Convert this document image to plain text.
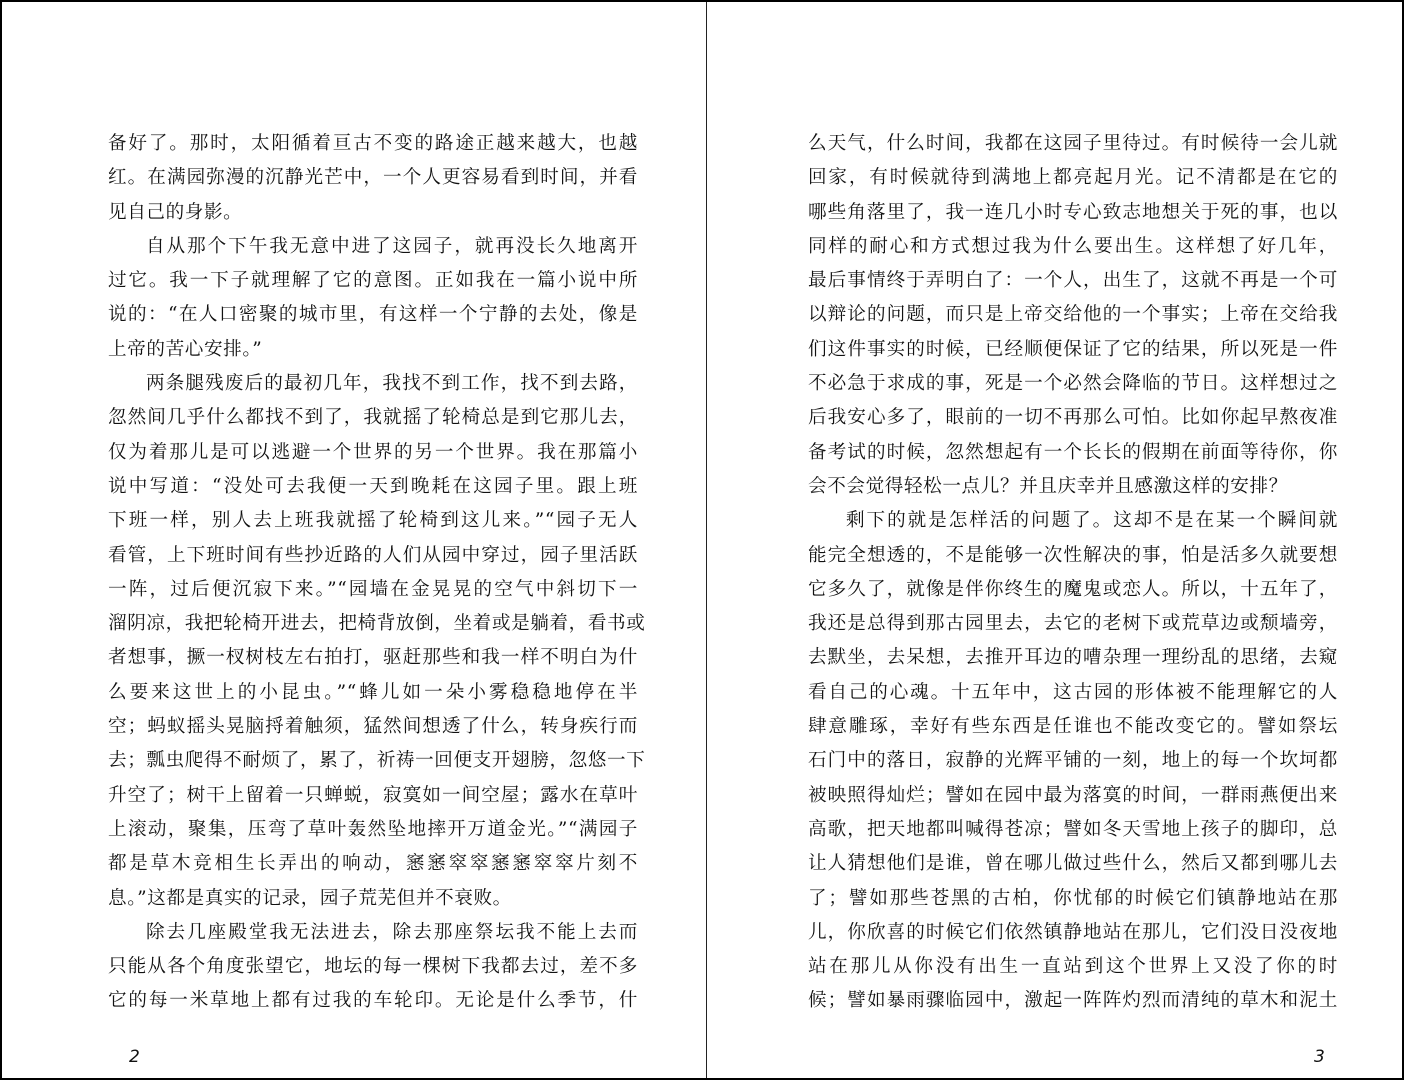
备好了。那时，太阳循着亘古不变的路途正越来越大，也越
红。在满园弥漫的沉静光芒中，一个人更容易看到时间，并看
见自己的身影。
自从那个下午我无意中进了这园子，就再没长久地离开
过它。我一下子就理解了它的意图。正如我在一篇小说中所
说的：“在人口密聚的城市里，有这样一个宁静的去处，像是
上帝的苦心安排。”
两条腿残废后的最初几年，我找不到工作，找不到去路，
忽然间几乎什么都找不到了，我就摇了轮椅总是到它那儿去，
仅为着那儿是可以逃避一个世界的另一个世界。我在那篇小
说中写道：“没处可去我便一天到晚耗在这园子里。跟上班
下班一样，别人去上班我就摇了轮椅到这儿来。”“园子无人
看管，上下班时间有些抄近路的人们从园中穿过，园子里活跃
一阵，过后便沉寂下来。”“园墙在金晃晃的空气中斜切下一
溜阴凉，我把轮椅开进去，把椅背放倒，坐着或是躺着，看书或
者想事，撅一杈树枝左右拍打，驱赶那些和我一样不明白为什
么要来这世上的小昆虫。”“蜂儿如一朵小雾稳稳地停在半
空；蚂蚁摇头晃脑捋着触须，猛然间想透了什么，转身疾行而
去；瓢虫爬得不耐烦了，累了，祈祷一回便支开翅膀，忽悠一下
升空了；树干上留着一只蝉蜕，寂寞如一间空屋；露水在草叶
上滚动，聚集，压弯了草叶轰然坠地摔开万道金光。”“满园子
都是草木竞相生长弄出的响动，窸窸窣窣窸窸窣窣片刻不
息。”这都是真实的记录，园子荒芜但并不衰败。
除去几座殿堂我无法进去，除去那座祭坛我不能上去而
只能从各个角度张望它，地坛的每一棵树下我都去过，差不多
它的每一米草地上都有过我的车轮印。无论是什么季节，什
么天气，什么时间，我都在这园子里待过。有时候待一会儿就
回家，有时候就待到满地上都亮起月光。记不清都是在它的
哪些角落里了，我一连几小时专心致志地想关于死的事，也以
同样的耐心和方式想过我为什么要出生。这样想了好几年，
最后事情终于弄明白了：一个人，出生了，这就不再是一个可
以辩论的问题，而只是上帝交给他的一个事实；上帝在交给我
们这件事实的时候，已经顺便保证了它的结果，所以死是一件
不必急于求成的事，死是一个必然会降临的节日。这样想过之
后我安心多了，眼前的一切不再那么可怕。比如你起早熬夜准
备考试的时候，忽然想起有一个长长的假期在前面等待你，你
会不会觉得轻松一点儿？并且庆幸并且感激这样的安排？
剩下的就是怎样活的问题了。这却不是在某一个瞬间就
能完全想透的，不是能够一次性解决的事，怕是活多久就要想
它多久了，就像是伴你终生的魔鬼或恋人。所以，十五年了，
我还是总得到那古园里去，去它的老树下或荒草边或颓墙旁，
去默坐，去呆想，去推开耳边的嘈杂理一理纷乱的思绪，去窥
看自己的心魂。十五年中，这古园的形体被不能理解它的人
肆意雕琢，幸好有些东西是任谁也不能改变它的。譬如祭坛
石门中的落日，寂静的光辉平铺的一刻，地上的每一个坎坷都
被映照得灿烂；譬如在园中最为落寞的时间，一群雨燕便出来
高歌，把天地都叫喊得苍凉；譬如冬天雪地上孩子的脚印，总
让人猜想他们是谁，曾在哪儿做过些什么，然后又都到哪儿去
了；譬如那些苍黑的古柏，你忧郁的时候它们镇静地站在那
儿，你欣喜的时候它们依然镇静地站在那儿，它们没日没夜地
站在那儿从你没有出生一直站到这个世界上又没了你的时
候；譬如暴雨骤临园中，激起一阵阵灼烈而清纯的草木和泥土
2	3
